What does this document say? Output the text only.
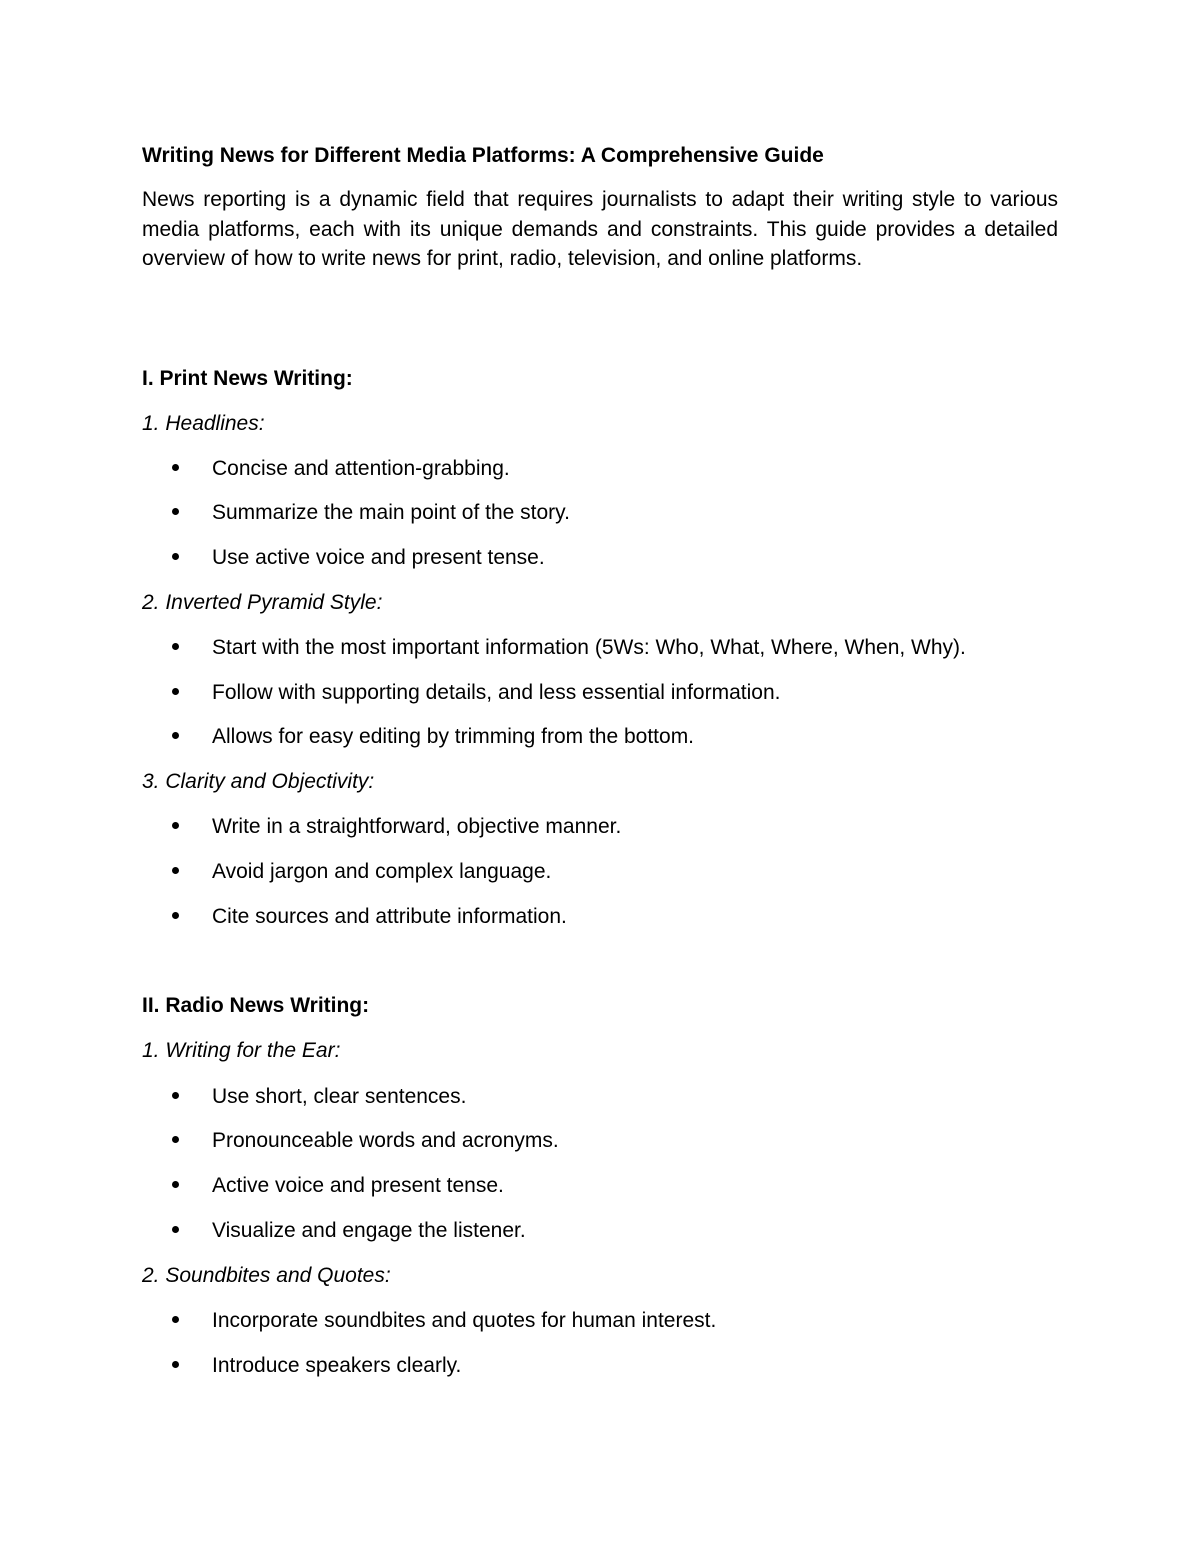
Writing News for Different Media Platforms: A Comprehensive Guide

News reporting is a dynamic field that requires journalists to adapt their writing style to various media platforms, each with its unique demands and constraints. This guide provides a detailed overview of how to write news for print, radio, television, and online platforms.

I. Print News Writing:
1. Headlines:
Concise and attention-grabbing.
Summarize the main point of the story.
Use active voice and present tense.
2. Inverted Pyramid Style:
Start with the most important information (5Ws: Who, What, Where, When, Why).
Follow with supporting details, and less essential information.
Allows for easy editing by trimming from the bottom.
3. Clarity and Objectivity:
Write in a straightforward, objective manner.
Avoid jargon and complex language.
Cite sources and attribute information.
II. Radio News Writing:
1. Writing for the Ear:
Use short, clear sentences.
Pronounceable words and acronyms.
Active voice and present tense.
Visualize and engage the listener.
2. Soundbites and Quotes:
Incorporate soundbites and quotes for human interest.
Introduce speakers clearly.
